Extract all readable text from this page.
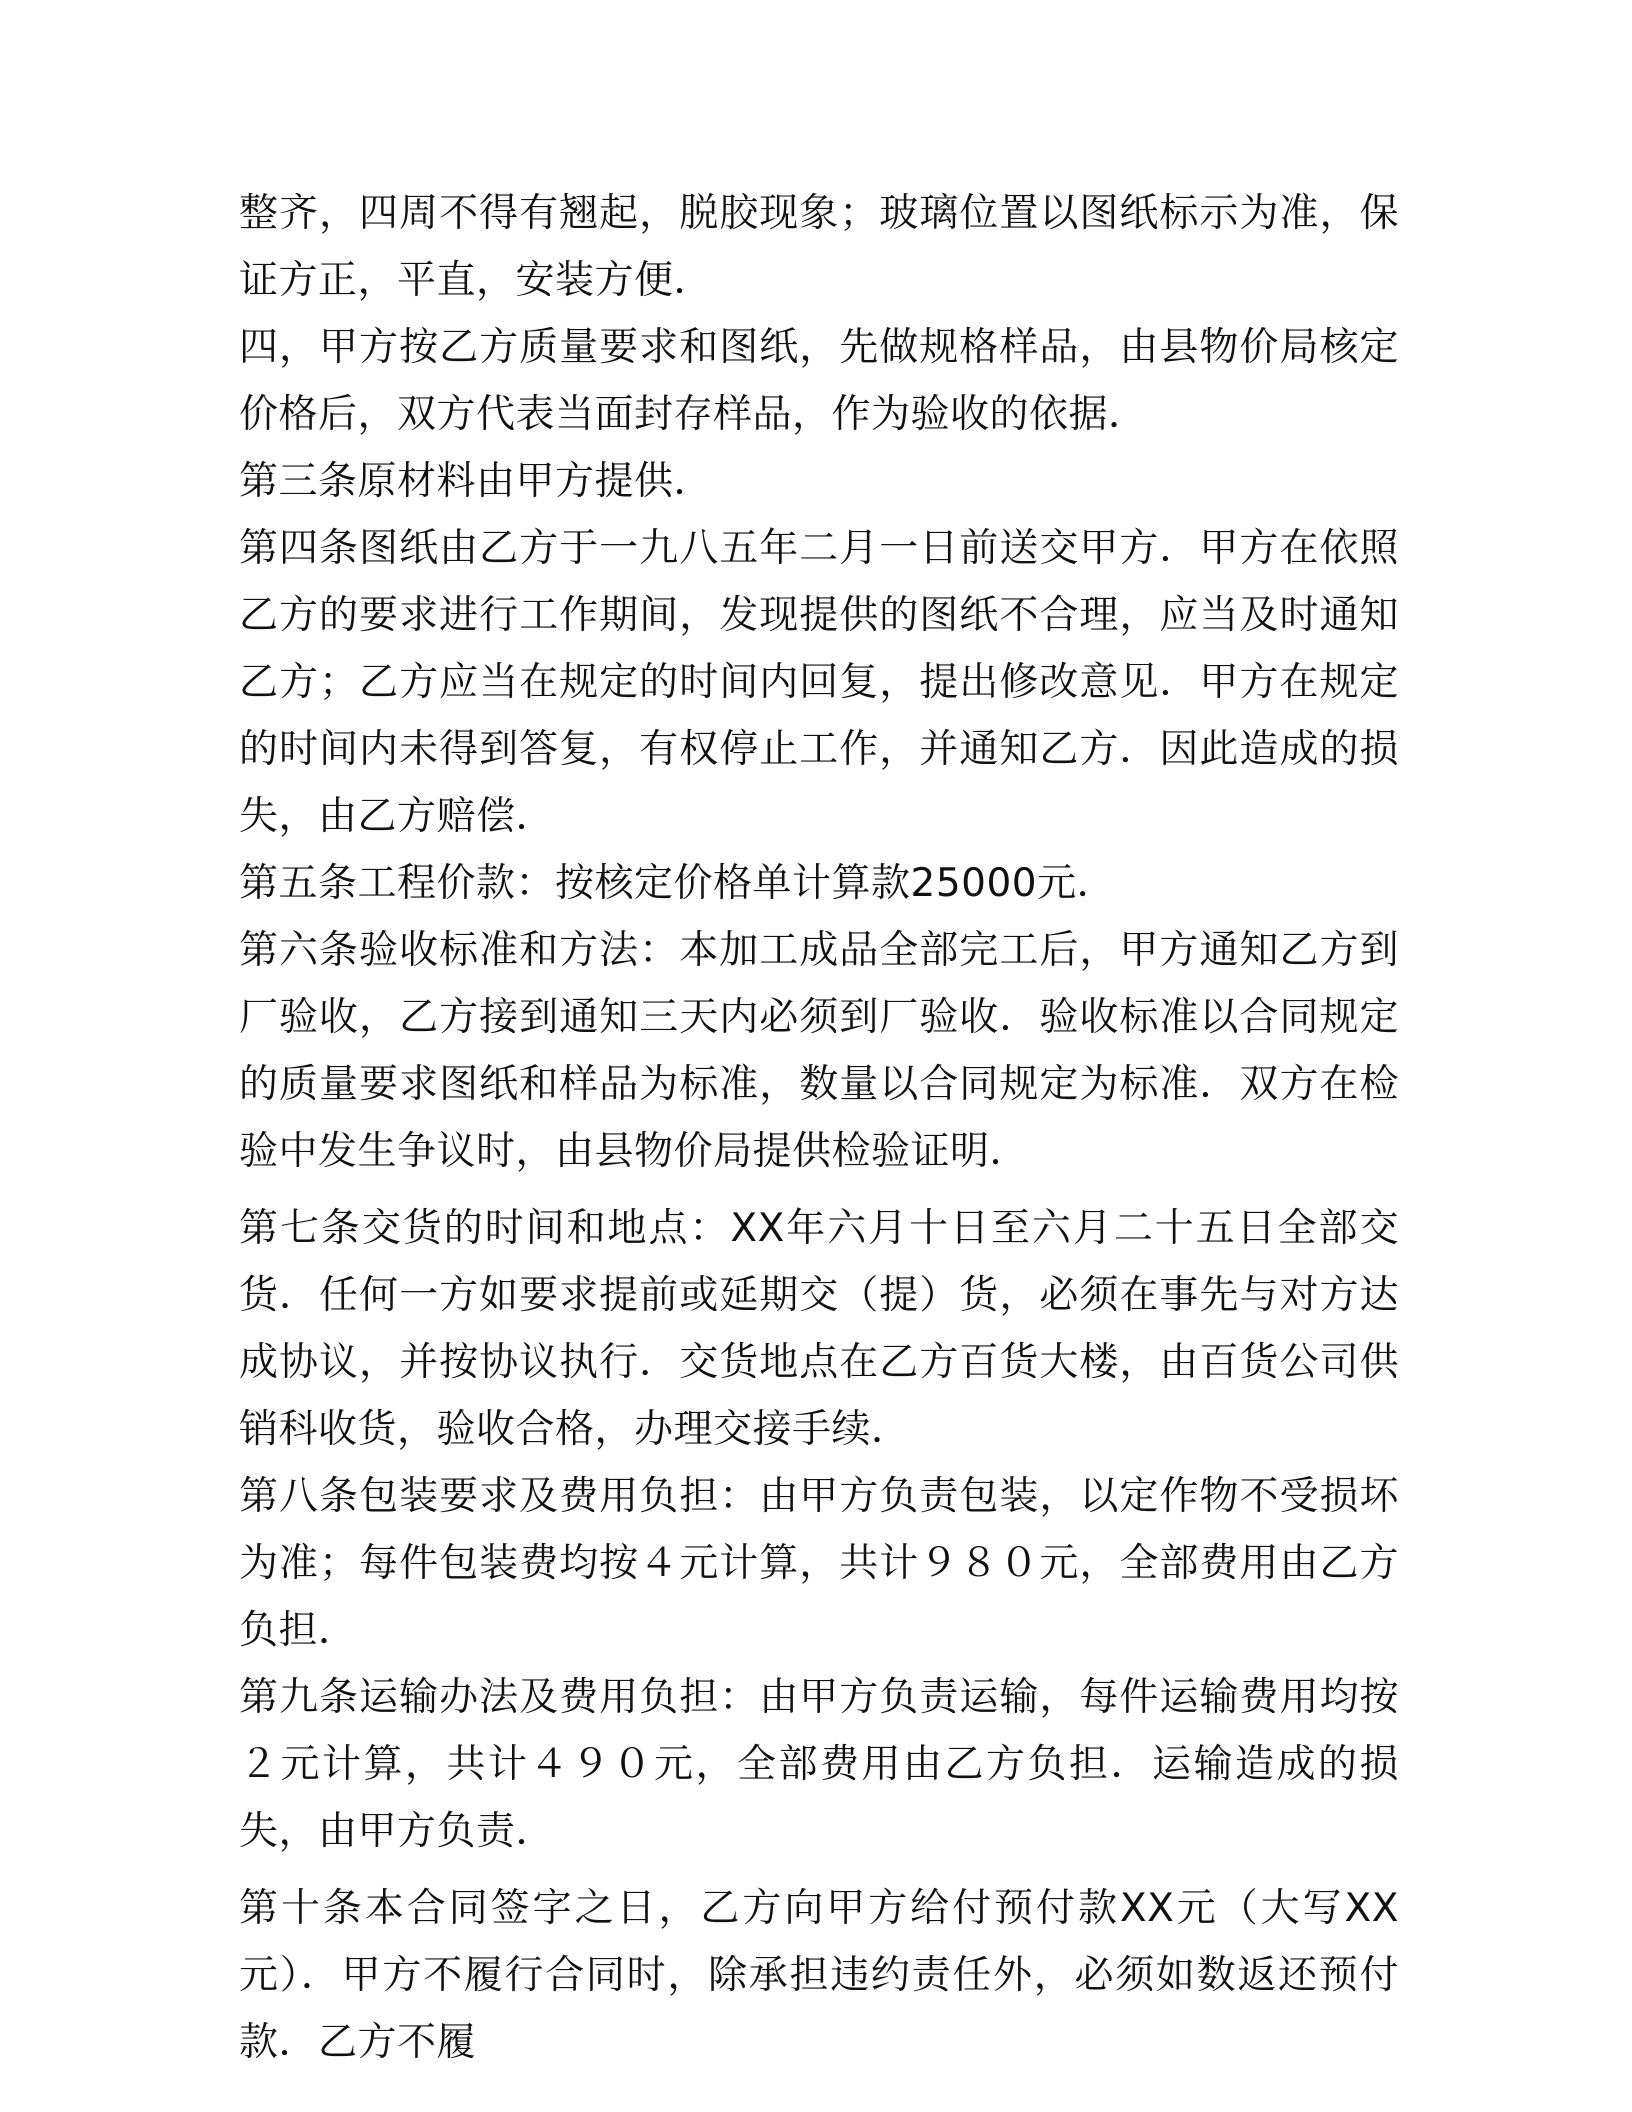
整齐，四周不得有翘起，脱胶现象；玻璃位置以图纸标示为准，保证方正，平直，安装方便．

四，甲方按乙方质量要求和图纸，先做规格样品，由县物价局核定价格后，双方代表当面封存样品，作为验收的依据．

第三条原材料由甲方提供．

第四条图纸由乙方于一九八五年二月一日前送交甲方．甲方在依照乙方的要求进行工作期间，发现提供的图纸不合理，应当及时通知乙方；乙方应当在规定的时间内回复，提出修改意见．甲方在规定的时间内未得到答复，有权停止工作，并通知乙方．因此造成的损失，由乙方赔偿．

第五条工程价款：按核定价格单计算款25000元．

第六条验收标准和方法：本加工成品全部完工后，甲方通知乙方到厂验收，乙方接到通知三天内必须到厂验收．验收标准以合同规定的质量要求图纸和样品为标准，数量以合同规定为标准．双方在检验中发生争议时，由县物价局提供检验证明．

第七条交货的时间和地点：XX年六月十日至六月二十五日全部交货．任何一方如要求提前或延期交（提）货，必须在事先与对方达成协议，并按协议执行．交货地点在乙方百货大楼，由百货公司供销科收货，验收合格，办理交接手续．

第八条包装要求及费用负担：由甲方负责包装，以定作物不受损坏为准；每件包装费均按４元计算，共计９８０元，全部费用由乙方负担．

第九条运输办法及费用负担：由甲方负责运输，每件运输费用均按２元计算，共计４９０元，全部费用由乙方负担．运输造成的损失，由甲方负责．

第十条本合同签字之日，乙方向甲方给付预付款XX元（大写XX元）．甲方不履行合同时，除承担违约责任外，必须如数返还预付款．乙方不履
